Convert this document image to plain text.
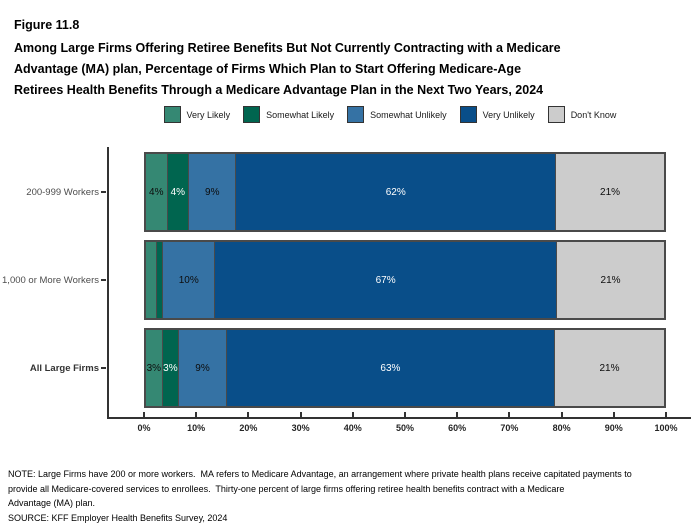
Figure 11.8
Among Large Firms Offering Retiree Benefits But Not Currently Contracting with a Medicare
Advantage (MA) plan, Percentage of Firms Which Plan to Start Offering Medicare-Age
Retirees Health Benefits Through a Medicare Advantage Plan in the Next Two Years, 2024
Very Likely	Somewhat Likely	Somewhat Unlikely	Very Unlikely	Don't Know
200-999 Workers	4% 4% 9%	62%	21%
1,000 or More Workers	10%	67%	21%
All Large Firms	3% 3% 9%	63%	21%
0%	10%	20%	30%	40%	50%	60%	70%	80%	90%	100%
NOTE: Large Firms have 200 or more workers.  MA refers to Medicare Advantage, an arrangement where private health plans receive capitated payments to
provide all Medicare-covered services to enrollees.  Thirty-one percent of large firms offering retiree health benefits contract with a Medicare
Advantage (MA) plan.
SOURCE: KFF Employer Health Benefits Survey, 2024
